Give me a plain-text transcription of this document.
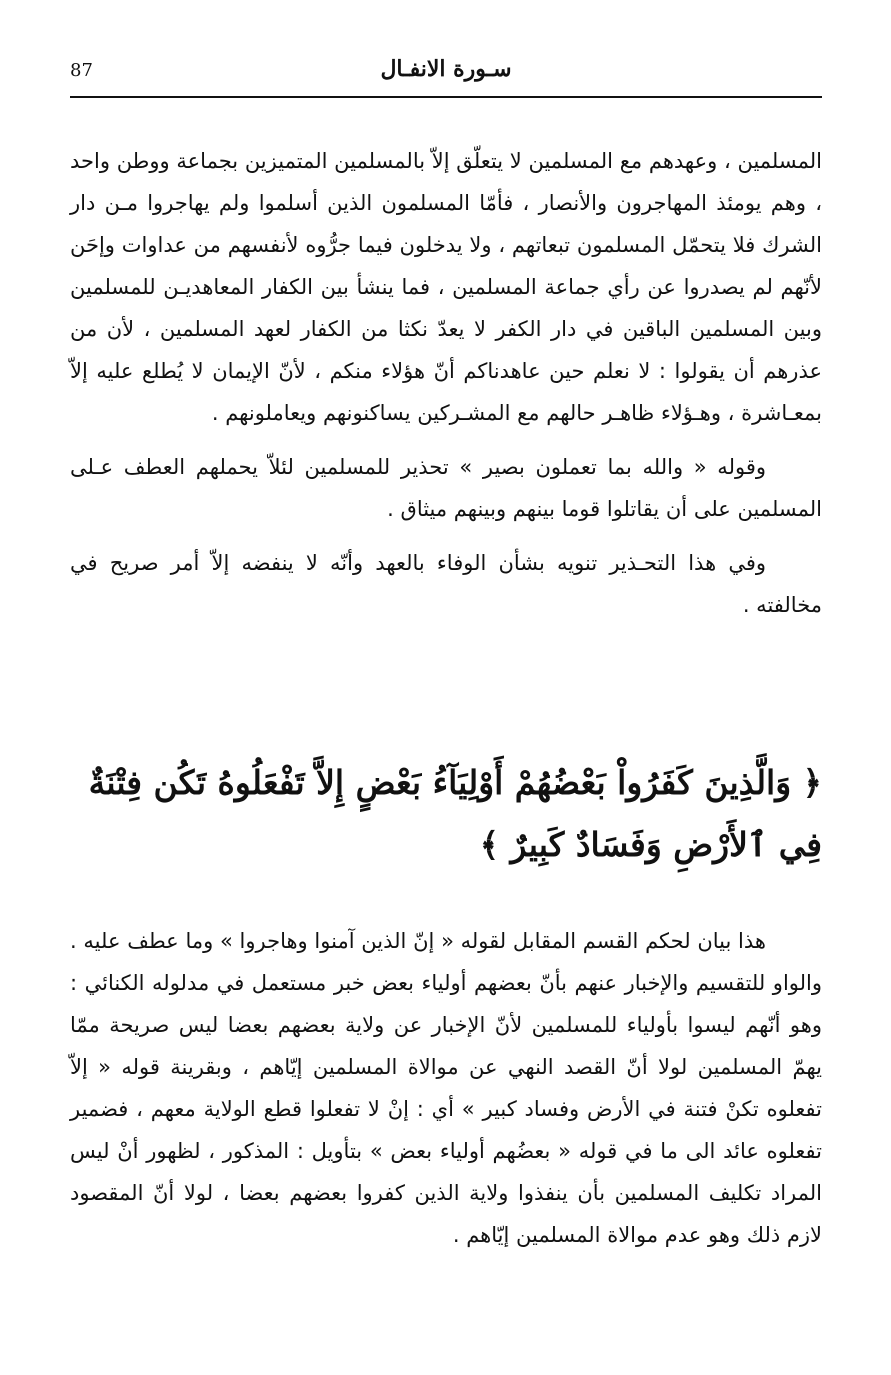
87	سـورة الانفـال

المسلمين ، وعهدهم مع المسلمين لا يتعلّق إلاّ بالمسلمين المتميزين بجماعة ووطن واحد ، وهم يومئذ المهاجرون والأنصار ، فأمّا المسلمون الذين أسلموا ولم يهاجروا مـن دار الشرك فلا يتحمّل المسلمون تبعاتهم ، ولا يدخلون فيما جرُّوه لأنفسهم من عداوات وإحَن لأنّهم لم يصدروا عن رأي جماعة المسلمين ، فما ينشأ بين الكفار المعاهديـن للمسلمين وبين المسلمين الباقين في دار الكفر لا يعدّ نكثا من الكفار لعهد المسلمين ، لأن من عذرهم أن يقولوا : لا نعلم حين عاهدناكم أنّ هؤلاء منكم ، لأنّ الإيمان لا يُطلع عليه إلاّ بمعـاشرة ، وهـؤلاء ظاهـر حالهم مع المشـركين يساكنونهم ويعاملونهم .

وقوله « والله بما تعملون بصير » تحذير للمسلمين لئلاّ يحملهم العطف عـلى المسلمين على أن يقاتلوا قوما بينهم وبينهم ميثاق .

وفي هذا التحـذير تنويه بشأن الوفاء بالعهد وأنّه لا ينفضه إلاّ أمر صريح في مخالفته .

﴿ وَالَّذِينَ كَفَرُواْ بَعْضُهُمْ أَوْلِيَآءُ بَعْضٍ إِلاَّ تَفْعَلُوهُ تَكُن فِتْنَةٌ فِي ٱلأَرْضِ وَفَسَادٌ كَبِيرٌ ﴾

هذا بيان لحكم القسم المقابل لقوله « إنّ الذين آمنوا وهاجروا » وما عطف عليه . والواو للتقسيم والإخبار عنهم بأنّ بعضهم أولياء بعض خبر مستعمل في مدلوله الكنائي : وهو أنّهم ليسوا بأولياء للمسلمين لأنّ الإخبار عن ولاية بعضهم بعضا ليس صريحة ممّا يهمّ المسلمين لولا أنّ القصد النهي عن موالاة المسلمين إيّاهم ، وبقرينة قوله « إلاّ تفعلوه تكنْ فتنة في الأرض وفساد كبير » أي : إنْ لا تفعلوا قطع الولاية معهم ، فضمير تفعلوه عائد الى ما في قوله « بعضُهم أولياء بعض » بتأويل : المذكور ، لظهور أنْ ليس المراد تكليف المسلمين بأن ينفذوا ولاية الذين كفروا بعضهم بعضا ، لولا أنّ المقصود لازم ذلك وهو عدم موالاة المسلمين إيّاهم .
